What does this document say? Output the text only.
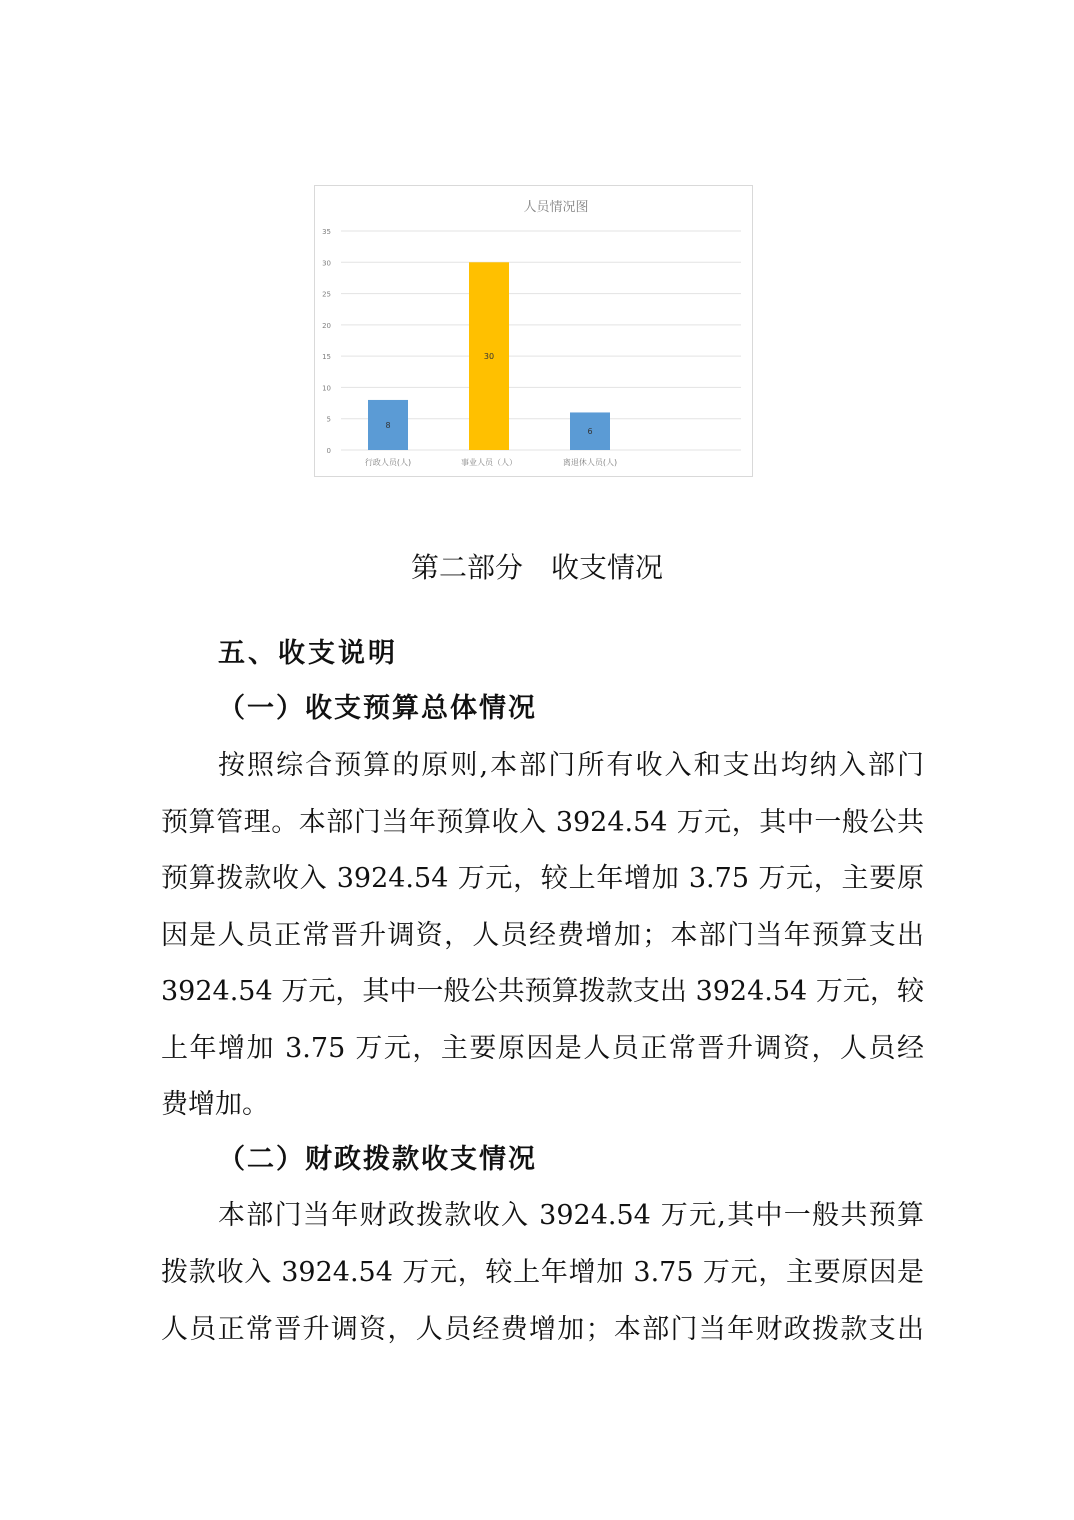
人员情况图
0
5
10
15
20
25
30
35
8
行政人员(人)
30
事业人员（人）
6
离退休人员(人)
第二部分　收支情况
五、收支说明
（一）收支预算总体情况
按照综合预算的原则,本部门所有收入和支出均纳入部门
预算管理。本部门当年预算收入 3924.54 万元，其中一般公共
预算拨款收入 3924.54 万元，较上年增加 3.75 万元，主要原
因是人员正常晋升调资，人员经费增加；本部门当年预算支出
3924.54 万元，其中一般公共预算拨款支出 3924.54 万元，较
上年增加 3.75 万元，主要原因是人员正常晋升调资，人员经
费增加。
（二）财政拨款收支情况
本部门当年财政拨款收入 3924.54 万元,其中一般共预算
拨款收入 3924.54 万元，较上年增加 3.75 万元，主要原因是
人员正常晋升调资，人员经费增加；本部门当年财政拨款支出
